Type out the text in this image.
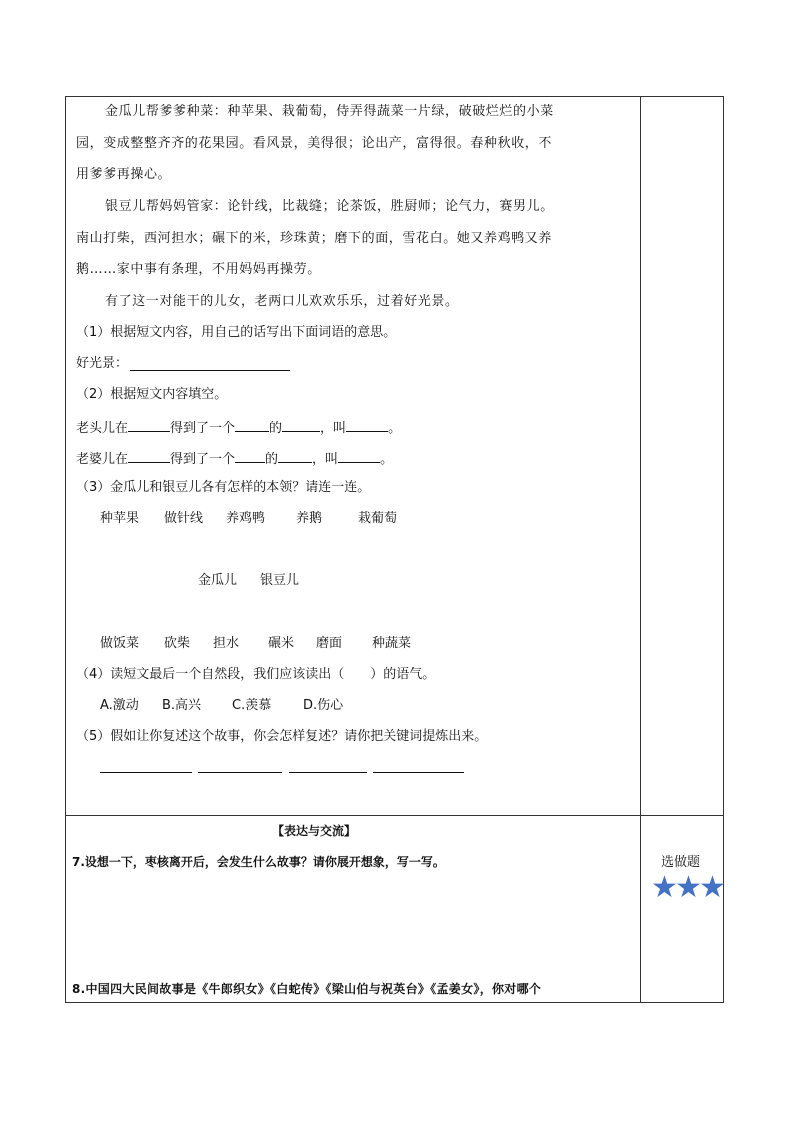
金瓜儿帮爹爹种菜：种苹果、栽葡萄，侍弄得蔬菜一片绿，破破烂烂的小菜
园，变成整整齐齐的花果园。看风景，美得很；论出产，富得很。春种秋收，不
用爹爹再操心。
银豆儿帮妈妈管家：论针线，比裁缝；论茶饭，胜厨师；论气力，赛男儿。
南山打柴，西河担水；碾下的米，珍珠黄；磨下的面，雪花白。她又养鸡鸭又养
鹅……家中事有条理，不用妈妈再操劳。
有了这一对能干的儿女，老两口儿欢欢乐乐，过着好光景。
（1）根据短文内容，用自己的话写出下面词语的意思。
好光景：
（2）根据短文内容填空。
老头儿在	得到了一个	的	，叫	。
老婆儿在	得到了一个 的	，叫	。
（3）金瓜儿和银豆儿各有怎样的本领？请连一连。
种苹果 做针线 养鸡鸭 养鹅	栽葡萄
金瓜儿 银豆儿
做饭菜 砍柴 担水 碾米 磨面 种蔬菜
（4）读短文最后一个自然段，我们应该读出（　　）的语气。
A.激动 B.高兴 C.羡慕 D.伤心
（5）假如让你复述这个故事，你会怎样复述？请你把关键词提炼出来。
【表达与交流】
7.设想一下，枣核离开后，会发生什么故事？请你展开想象，写一写。
8.中国四大民间故事是《牛郎织女》《白蛇传》《梁山伯与祝英台》《孟姜女》，你对哪个
选做题
★
★
★
